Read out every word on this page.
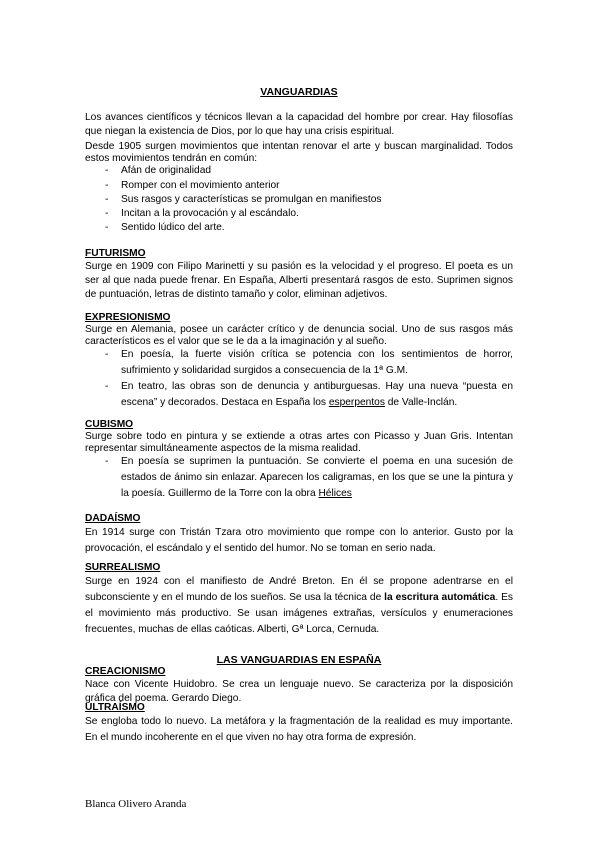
VANGUARDIAS

Los avances científicos y técnicos llevan a la capacidad del hombre por crear. Hay filosofías que niegan la existencia de Dios, por lo que hay una crisis espiritual.

Desde 1905 surgen movimientos que intentan renovar el arte y buscan marginalidad. Todos estos movimientos tendrán en común:

- Afán de originalidad
- Romper con el movimiento anterior
- Sus rasgos y características se promulgan en manifiestos
- Incitan a la provocación y al escándalo.
- Sentido lúdico del arte.
FUTURISMO

Surge en 1909 con Filipo Marinetti y su pasión es la velocidad y el progreso. El poeta es un ser al que nada puede frenar. En España, Alberti presentará rasgos de esto. Suprimen signos de puntuación, letras de distinto tamaño y color, eliminan adjetivos.

EXPRESIONISMO

Surge en Alemania, posee un carácter crítico y de denuncia social. Uno de sus rasgos más característicos es el valor que se le da a la imaginación y al sueño.

- En poesía, la fuerte visión crítica se potencia con los sentimientos de horror, sufrimiento y solidaridad surgidos a consecuencia de la 1ª G.M.
- En teatro, las obras son de denuncia y antiburguesas. Hay una nueva “puesta en escena” y decorados. Destaca en España los esperpentos de Valle-Inclán.
CUBISMO

Surge sobre todo en pintura y se extiende a otras artes con Picasso y Juan Gris. Intentan representar simultáneamente aspectos de la misma realidad.

- En poesía se suprimen la puntuación. Se convierte el poema en una sucesión de estados de ánimo sin enlazar. Aparecen los caligramas, en los que se une la pintura y la poesía. Guillermo de la Torre con la obra Hélices
DADAÍSMO

En 1914 surge con Tristán Tzara otro movimiento que rompe con lo anterior. Gusto por la provocación, el escándalo y el sentido del humor. No se toman en serio nada.

SURREALISMO

Surge en 1924 con el manifiesto de André Breton. En él se propone adentrarse en el subconsciente y en el mundo de los sueños. Se usa la técnica de la escritura automática. Es el movimiento más productivo. Se usan imágenes extrañas, versículos y enumeraciones frecuentes, muchas de ellas caóticas. Alberti, Gª Lorca, Cernuda.

LAS VANGUARDIAS EN ESPAÑA
CREACIONISMO

Nace con Vicente Huidobro. Se crea un lenguaje nuevo. Se caracteriza por la disposición gráfica del poema. Gerardo Diego.

ULTRAÍSMO

Se engloba todo lo nuevo. La metáfora y la fragmentación de la realidad es muy importante. En el mundo incoherente en el que viven no hay otra forma de expresión.

Blanca Olivero Aranda
